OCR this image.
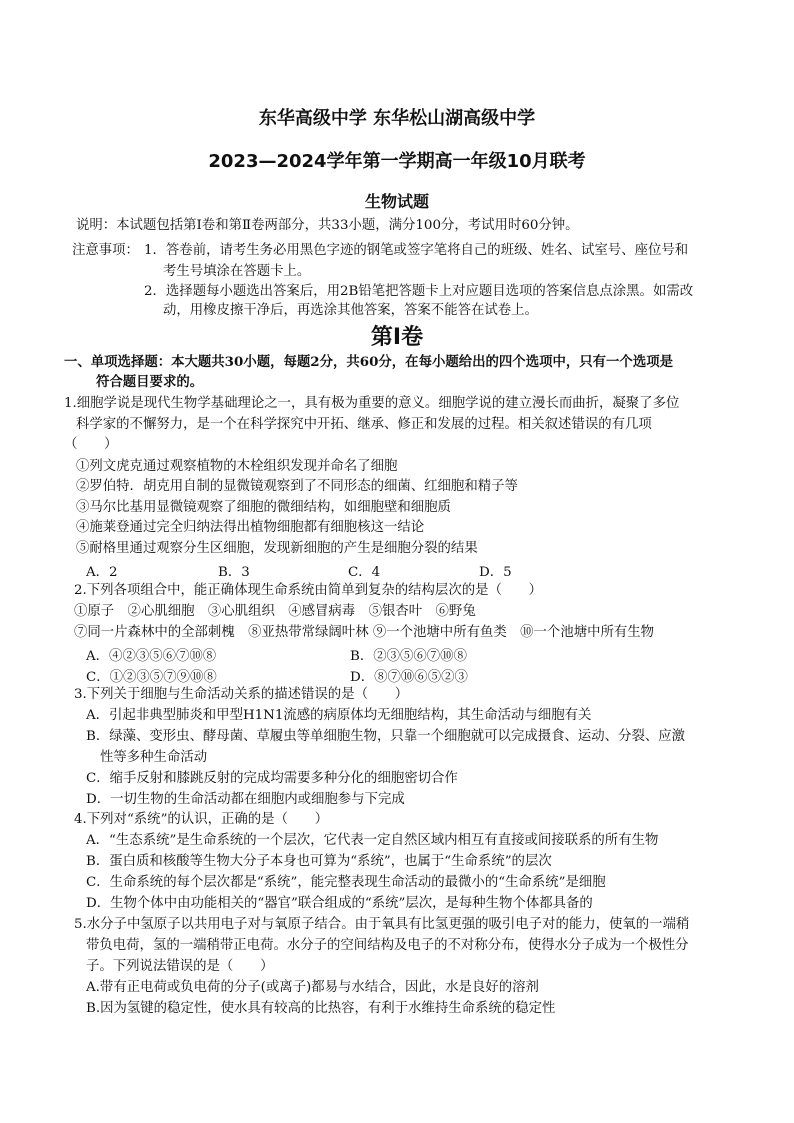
东华高级中学 东华松山湖高级中学
2023—2024学年第一学期高一年级10月联考
生物试题
说明：本试题包括第Ⅰ卷和第Ⅱ卷两部分，共33小题，满分100分，考试用时60分钟。
注意事项： 1．答卷前，请考生务必用黑色字迹的钢笔或签字笔将自己的班级、姓名、试室号、座位号和
考生号填涂在答题卡上。
2．选择题每小题选出答案后，用2B铅笔把答题卡上对应题目选项的答案信息点涂黑。如需改
动，用橡皮擦干净后，再选涂其他答案，答案不能答在试卷上。
第Ⅰ卷
一、单项选择题：本大题共30小题，每题2分，共60分，在每小题给出的四个选项中，只有一个选项是
符合题目要求的。
1.细胞学说是现代生物学基础理论之一，具有极为重要的意义。细胞学说的建立漫长而曲折，凝聚了多位
科学家的不懈努力，是一个在科学探究中开拓、继承、修正和发展的过程。相关叙述错误的有几项
（　　）
①列文虎克通过观察植物的木栓组织发现并命名了细胞
②罗伯特．胡克用自制的显微镜观察到了不同形态的细菌、红细胞和精子等
③马尔比基用显微镜观察了细胞的微细结构，如细胞壁和细胞质
④施莱登通过完全归纳法得出植物细胞都有细胞核这一结论
⑤耐格里通过观察分生区细胞，发现新细胞的产生是细胞分裂的结果
A．2	B．3	C．4	D．5
2.下列各项组合中，能正确体现生命系统由简单到复杂的结构层次的是（　　）
①原子　②心肌细胞　③心肌组织　④感冒病毒　⑤银杏叶　⑥野兔
⑦同一片森林中的全部刺槐　⑧亚热带常绿阔叶林 ⑨一个池塘中所有鱼类　⑩一个池塘中所有生物
A．④②③⑤⑥⑦⑩⑧	B．②③⑤⑥⑦⑩⑧
C．①②③⑤⑦⑨⑩⑧	D．⑧⑦⑩⑥⑤②③
3.下列关于细胞与生命活动关系的描述错误的是（　　）
A．引起非典型肺炎和甲型H1N1流感的病原体均无细胞结构，其生命活动与细胞有关
B．绿藻、变形虫、酵母菌、草履虫等单细胞生物，只靠一个细胞就可以完成摄食、运动、分裂、应激
性等多种生命活动
C．缩手反射和膝跳反射的完成均需要多种分化的细胞密切合作
D．一切生物的生命活动都在细胞内或细胞参与下完成
4.下列对“系统”的认识，正确的是（　　）
A．“生态系统”是生命系统的一个层次，它代表一定自然区域内相互有直接或间接联系的所有生物
B．蛋白质和核酸等生物大分子本身也可算为“系统”，也属于“生命系统”的层次
C．生命系统的每个层次都是“系统”，能完整表现生命活动的最微小的“生命系统”是细胞
D．生物个体中由功能相关的“器官”联合组成的“系统”层次，是每种生物个体都具备的
5.水分子中氢原子以共用电子对与氧原子结合。由于氧具有比氢更强的吸引电子对的能力，使氧的一端稍
带负电荷，氢的一端稍带正电荷。水分子的空间结构及电子的不对称分布，使得水分子成为一个极性分
子。下列说法错误的是（　　）
A.带有正电荷或负电荷的分子(或离子)都易与水结合，因此，水是良好的溶剂
B.因为氢键的稳定性，使水具有较高的比热容，有利于水维持生命系统的稳定性
